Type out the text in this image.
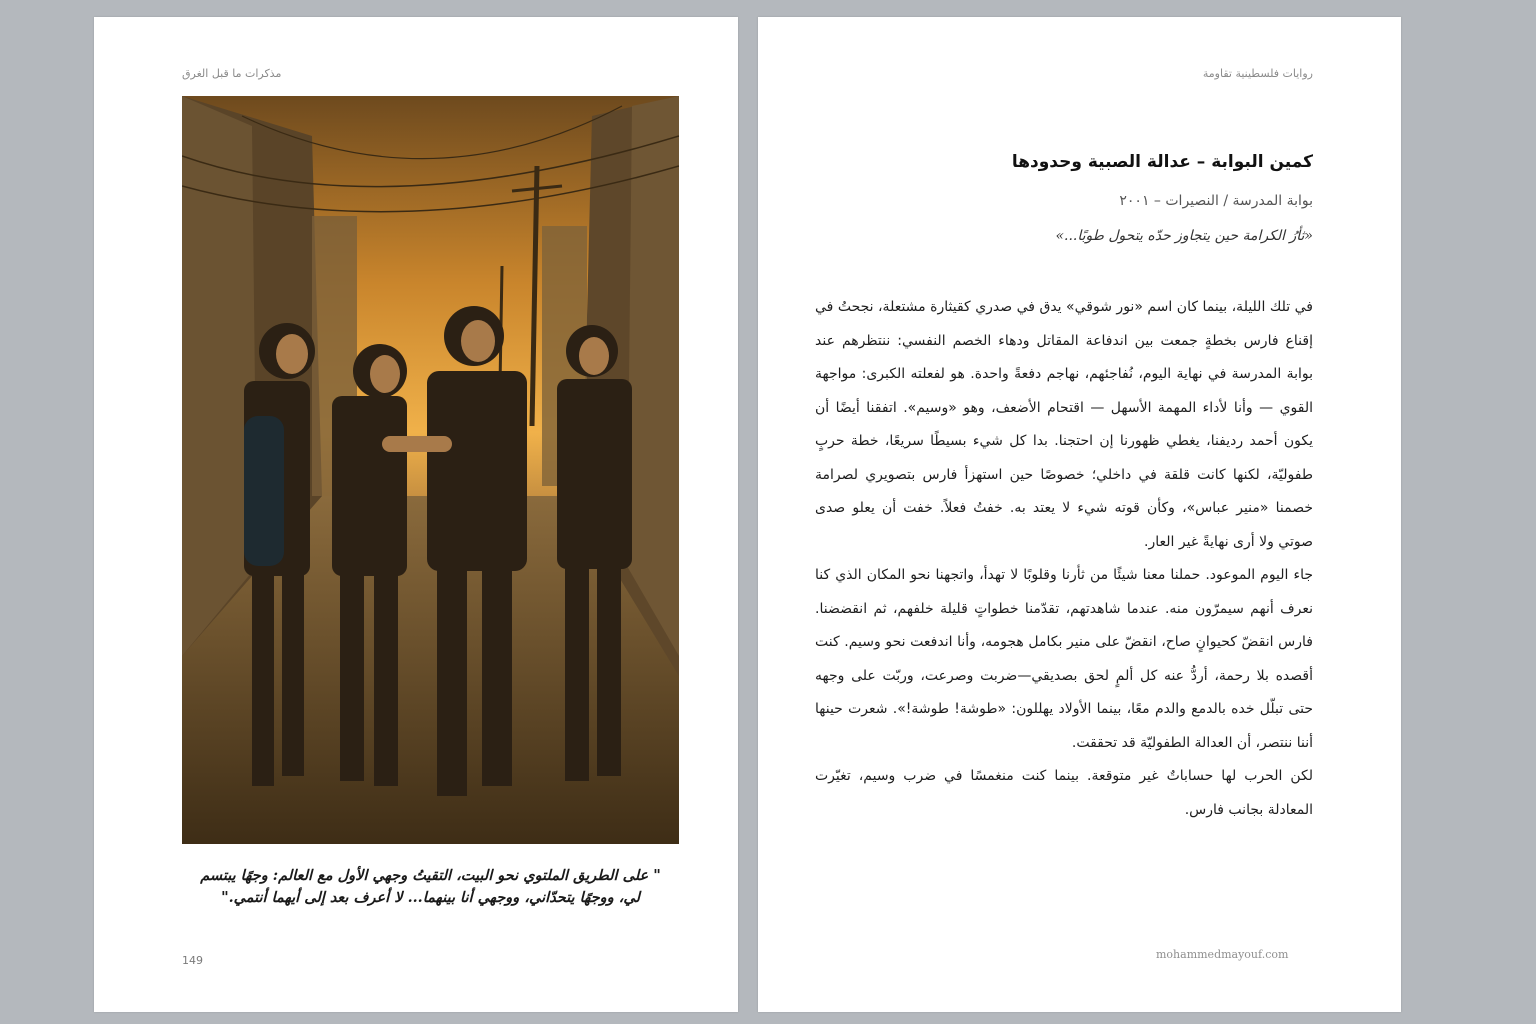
مذكرات ما قبل الغرق
" على الطريق الملتوي نحو البيت، التقيتُ وجهي الأول مع العالم: وجهًا يبتسم
لي، ووجهًا يتحدّاني، ووجهي أنا بينهما... لا أعرف بعد إلى أيهما أنتمي."
149
روايات فلسطينية تقاومة
كمين البوابة – عدالة الصبية وحدودها
بوابة المدرسة / النصيرات – ٢٠٠١
«ثأرُ الكرامة حين يتجاوز حدّه يتحول طوبًا...»

في تلك الليلة، بينما كان اسم «نور شوقي» يدق في صدري كقيثارة مشتعلة، نجحتُ في إقناع فارس بخطةٍ جمعت بين اندفاعة المقاتل ودهاء الخصم النفسي: ننتظرهم عند بوابة المدرسة في نهاية اليوم، نُفاجئهم، نهاجم دفعةً واحدة. هو لفعلته الكبرى: مواجهة القوي — وأنا لأداء المهمة الأسهل — اقتحام الأضعف، وهو «وسيم». اتفقنا أيضًا أن يكون أحمد رديفنا، يغطي ظهورنا إن احتجنا. بدا كل شيء بسيطًا سريعًا، خطة حربٍ طفوليّة، لكنها كانت قلقة في داخلي؛ خصوصًا حين استهزأ فارس بتصويري لصرامة خصمنا «منير عباس»، وكأن قوته شيء لا يعتد به. خفتُ فعلاً. خفت أن يعلو صدى صوتي ولا أرى نهايةً غير العار.

جاء اليوم الموعود. حملنا معنا شيئًا من ثأرنا وقلوبًا لا تهدأ، واتجهنا نحو المكان الذي كنا نعرف أنهم سيمرّون منه. عندما شاهدتهم، تقدّمنا خطواتٍ قليلة خلفهم، ثم انقضضنا. فارس انقضّ كحيوانٍ صاح، انقضّ على منير بكامل هجومه، وأنا اندفعت نحو وسيم. كنت أقصده بلا رحمة، أردُّ عنه كل ألمٍ لحق بصديقي—ضربت وصرعت، وربّت على وجهه حتى تبلّل خده بالدمع والدم معًا، بينما الأولاد يهللون: «طوشة! طوشة!». شعرت حينها أننا ننتصر، أن العدالة الطفوليّة قد تحققت.

لكن الحرب لها حساباتٌ غير متوقعة. بينما كنت منغمسًا في ضرب وسيم، تغيّرت المعادلة بجانب فارس.

mohammedmayouf.com
